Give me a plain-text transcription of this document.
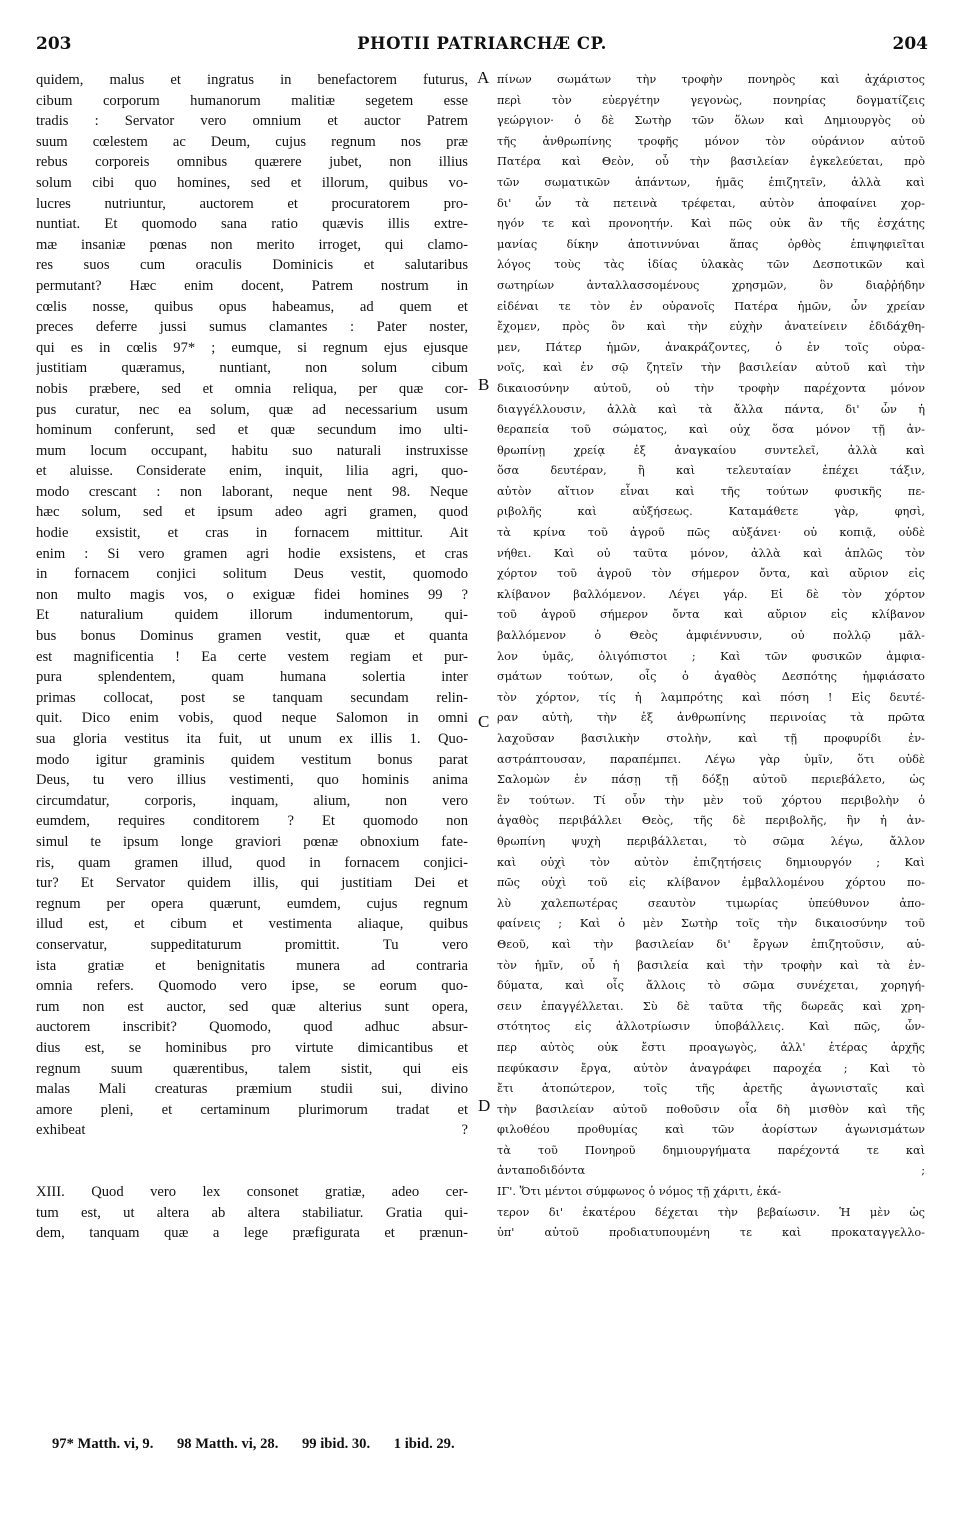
203	PHOTII PATRIARCHÆ CP.	204
quidem, malus et ingratus in benefactorem futurus,
cibum corporum humanorum malitiæ segetem esse
tradis : Servator vero omnium et auctor Patrem
suum cœlestem ac Deum, cujus regnum nos præ
rebus corporeis omnibus quærere jubet, non illius
solum cibi quo homines, sed et illorum, quibus vo-
lucres nutriuntur, auctorem et procuratorem pro-
nuntiat. Et quomodo sana ratio quævis illis extre-
mæ insaniæ pœnas non merito irroget, qui clamo-
res suos cum oraculis Dominicis et salutaribus
permutant? Hæc enim docent, Patrem nostrum in
cœlis nosse, quibus opus habeamus, ad quem et
preces deferre jussi sumus clamantes : Pater noster,
qui es in cœlis 97* ; eumque, si regnum ejus ejusque
justitiam quæramus, nuntiant, non solum cibum
nobis præbere, sed et omnia reliqua, per quæ cor-
pus curatur, nec ea solum, quæ ad necessarium usum
hominum conferunt, sed et quæ secundum imo ulti-
mum locum occupant, habitu suo naturali instruxisse
et aluisse. Considerate enim, inquit, lilia agri, quo-
modo crescant : non laborant, neque nent 98. Neque
hæc solum, sed et ipsum adeo agri gramen, quod
hodie exsistit, et cras in fornacem mittitur. Ait
enim : Si vero gramen agri hodie exsistens, et cras
in fornacem conjici solitum Deus vestit, quomodo
non multo magis vos, o exiguæ fidei homines 99 ?
Et naturalium quidem illorum indumentorum, qui-
bus bonus Dominus gramen vestit, quæ et quanta
est magnificentia ! Ea certe vestem regiam et pur-
pura splendentem, quam humana solertia inter
primas collocat, post se tanquam secundam relin-
quit. Dico enim vobis, quod neque Salomon in omni
sua gloria vestitus ita fuit, ut unum ex illis 1. Quo-
modo igitur graminis quidem vestitum bonus parat
Deus, tu vero illius vestimenti, quo hominis anima
circumdatur, corporis, inquam, alium, non vero
eumdem, requires conditorem ? Et quomodo non
simul te ipsum longe graviori pœnæ obnoxium fate-
ris, quam gramen illud, quod in fornacem conjici-
tur? Et Servator quidem illis, qui justitiam Dei et
regnum per opera quærunt, eumdem, cujus regnum
illud est, et cibum et vestimenta aliaque, quibus
conservatur, suppeditaturum promittit. Tu vero
ista gratiæ et benignitatis munera ad contraria
omnia refers. Quomodo vero ipse, se eorum quo-
rum non est auctor, sed quæ alterius sunt opera,
auctorem inscribit? Quomodo, quod adhuc absur-
dius est, se hominibus pro virtute dimicantibus et
regnum suum quærentibus, talem sistit, qui eis
malas Mali creaturas præmium studii sui, divino
amore pleni, et certaminum plurimorum tradat et
exhibeat ?
XIII. Quod vero lex consonet gratiæ, adeo cer-
tum est, ut altera ab altera stabiliatur. Gratia qui-
dem, tanquam quæ a lege præfigurata et prænun-
πίνων σωμάτων τὴν τροφὴν πονηρὸς καὶ ἀχάριστος
περὶ τὸν εὐεργέτην γεγονὼς, πονηρίας δογματίζεις
γεώργιον· ὁ δὲ Σωτὴρ τῶν ὅλων καὶ Δημιουργὸς οὐ
τῆς ἀνθρωπίνης τροφῆς μόνον τὸν οὐράνιον αὐτοῦ
Πατέρα καὶ Θεὸν, οὗ τὴν βασιλείαν ἐγκελεύεται, πρὸ
τῶν σωματικῶν ἁπάντων, ἡμᾶς ἐπιζητεῖν, ἀλλὰ καὶ
δι' ὧν τὰ πετεινὰ τρέφεται, αὐτὸν ἀποφαίνει χορ-
ηγόν τε καὶ προνοητήν. Καὶ πῶς οὐκ ἂν τῆς ἐσχάτης
μανίας δίκην ἀποτιννύναι ἅπας ὀρθὸς ἐπιψηφιεῖται
λόγος τοὺς τὰς ἰδίας ὑλακὰς τῶν Δεσποτικῶν καὶ
σωτηρίων ἀνταλλασσομένους χρησμῶν, ὃν διαῤῥήδην
εἰδέναι τε τὸν ἐν οὐρανοῖς Πατέρα ἡμῶν, ὧν χρείαν
ἔχομεν, πρὸς ὃν καὶ τὴν εὐχὴν ἀνατείνειν ἐδιδάχθη-
μεν, Πάτερ ἡμῶν, ἀνακράζοντες, ὁ ἐν τοῖς οὐρα-
νοῖς, καὶ ἐν σῷ ζητεῖν τὴν βασιλείαν αὐτοῦ καὶ τὴν
δικαιοσύνην αὐτοῦ, οὐ τὴν τροφὴν παρέχοντα μόνον
διαγγέλλουσιν, ἀλλὰ καὶ τὰ ἄλλα πάντα, δι' ὧν ἡ
θεραπεία τοῦ σώματος, καὶ οὐχ ὅσα μόνον τῇ ἀν-
θρωπίνῃ χρείᾳ ἐξ ἀναγκαίου συντελεῖ, ἀλλὰ καὶ
ὅσα δευτέραν, ἢ καὶ τελευταίαν ἐπέχει τάξιν,
αὐτὸν αἴτιον εἶναι καὶ τῆς τούτων φυσικῆς πε-
ριβολῆς καὶ αὐξήσεως. Καταμάθετε γὰρ, φησὶ,
τὰ κρίνα τοῦ ἀγροῦ πῶς αὐξάνει· οὐ κοπιᾷ, οὐδὲ
νήθει. Καὶ οὐ ταῦτα μόνον, ἀλλὰ καὶ ἁπλῶς τὸν
χόρτον τοῦ ἀγροῦ τὸν σήμερον ὄντα, καὶ αὔριον εἰς
κλίβανον βαλλόμενον. Λέγει γάρ. Εἰ δὲ τὸν χόρτον
τοῦ ἀγροῦ σήμερον ὄντα καὶ αὔριον εἰς κλίβανον
βαλλόμενον ὁ Θεὸς ἀμφιέννυσιν, οὐ πολλῷ μᾶλ-
λον ὑμᾶς, ὀλιγόπιστοι ; Καὶ τῶν φυσικῶν ἀμφια-
σμάτων τούτων, οἷς ὁ ἀγαθὸς Δεσπότης ἠμφιάσατο
τὸν χόρτον, τίς ἡ λαμπρότης καὶ πόση ! Εἰς δευτέ-
ραν αὐτὴ, τὴν ἐξ ἀνθρωπίνης περινοίας τὰ πρῶτα
λαχοῦσαν βασιλικὴν στολὴν, καὶ τῇ προφυρίδι ἐν-
αστράπτουσαν, παραπέμπει. Λέγω γὰρ ὑμῖν, ὅτι οὐδὲ
Σαλομὼν ἐν πάσῃ τῇ δόξῃ αὐτοῦ περιεβάλετο, ὡς
ἓν τούτων. Τί οὖν τὴν μὲν τοῦ χόρτου περιβολὴν ὁ
ἀγαθὸς περιβάλλει Θεὸς, τῆς δὲ περιβολῆς, ἣν ἡ ἀν-
θρωπίνη ψυχὴ περιβάλλεται, τὸ σῶμα λέγω, ἄλλον
καὶ οὐχὶ τὸν αὐτὸν ἐπιζητήσεις δημιουργόν ; Καὶ
πῶς οὐχὶ τοῦ εἰς κλίβανον ἐμβαλλομένου χόρτου πο-
λὺ χαλεπωτέρας σεαυτὸν τιμωρίας ὑπεύθυνον ἀπο-
φαίνεις ; Καὶ ὁ μὲν Σωτὴρ τοῖς τὴν δικαιοσύνην τοῦ
Θεοῦ, καὶ τὴν βασιλείαν δι' ἔργων ἐπιζητοῦσιν, αὐ-
τὸν ἡμῖν, οὗ ἡ βασιλεία καὶ τὴν τροφὴν καὶ τὰ ἐν-
δύματα, καὶ οἷς ἄλλοις τὸ σῶμα συνέχεται, χορηγή-
σειν ἐπαγγέλλεται. Σὺ δὲ ταῦτα τῆς δωρεᾶς καὶ χρη-
στότητος εἰς ἀλλοτρίωσιν ὑποβάλλεις. Καὶ πῶς, ὧν-
περ αὐτὸς οὐκ ἔστι προαγωγὸς, ἀλλ' ἑτέρας ἀρχῆς
πεφύκασιν ἔργα, αὐτὸν ἀναγράφει παροχέα ; Καὶ τὸ
ἔτι ἀτοπώτερον, τοῖς τῆς ἀρετῆς ἀγωνισταῖς καὶ
τὴν βασιλείαν αὐτοῦ ποθοῦσιν οἷα δὴ μισθὸν καὶ τῆς
φιλοθέου προθυμίας καὶ τῶν ἀορίστων ἀγωνισμάτων
τὰ τοῦ Πονηροῦ δημιουργήματα παρέχοντά τε καὶ
ἀνταποδιδόντα ;
ΙΓ'. Ὅτι μέντοι σύμφωνος ὁ νόμος τῇ χάριτι, ἑκά-
τερον δι' ἑκατέρου δέχεται τὴν βεβαίωσιν. Ἡ μὲν ὡς
ὑπ' αὐτοῦ προδιατυπουμένη τε καὶ προκαταγγελλο-
A
B
C
D
97* Matth. vi, 9. 98 Matth. vi, 28. 99 ibid. 30. 1 ibid. 29.
